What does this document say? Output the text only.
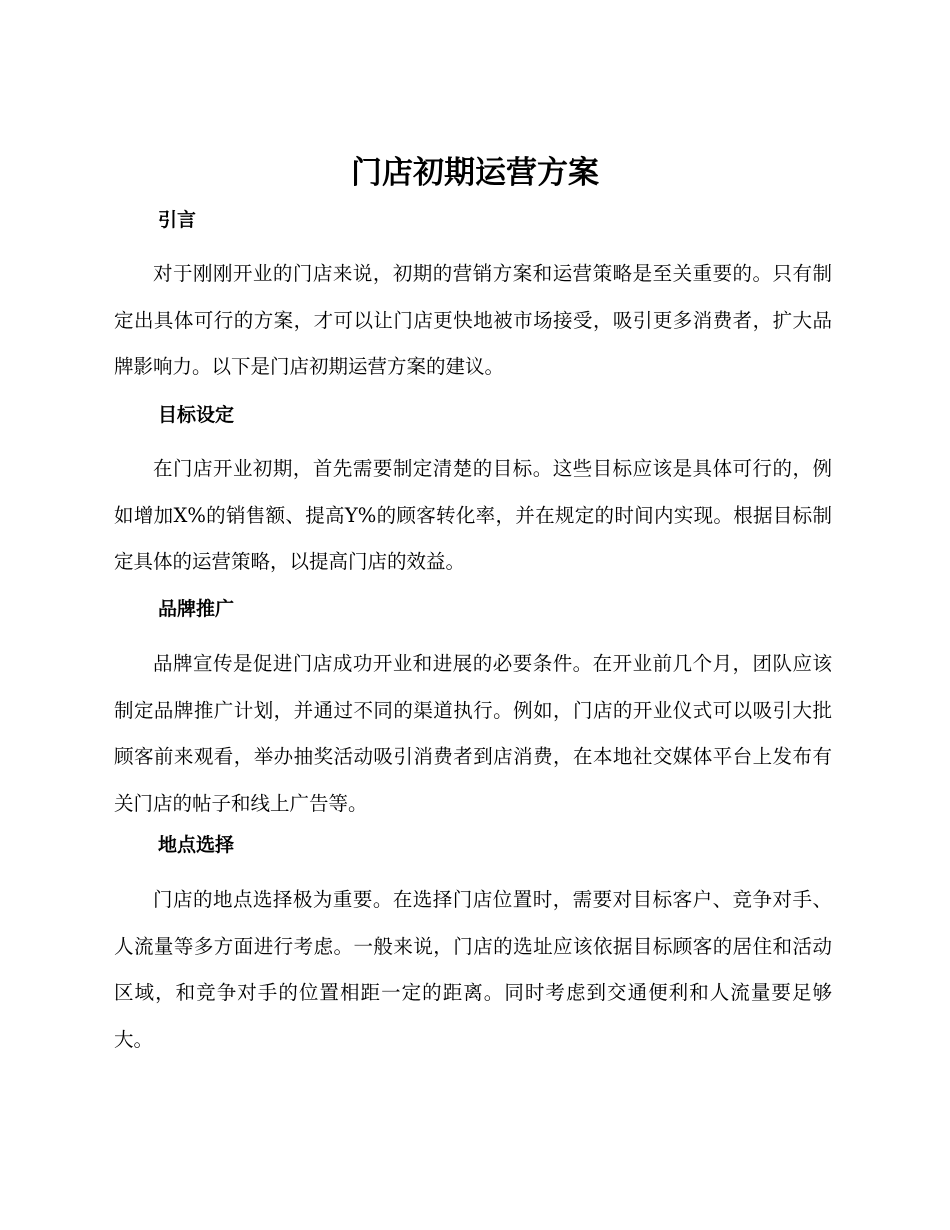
门店初期运营方案
引言

对于刚刚开业的门店来说，初期的营销方案和运营策略是至关重要的。只有制定出具体可行的方案，才可以让门店更快地被市场接受，吸引更多消费者，扩大品牌影响力。以下是门店初期运营方案的建议。

目标设定

在门店开业初期，首先需要制定清楚的目标。这些目标应该是具体可行的，例如增加X%的销售额、提高Y%的顾客转化率，并在规定的时间内实现。根据目标制定具体的运营策略，以提高门店的效益。

品牌推广

品牌宣传是促进门店成功开业和进展的必要条件。在开业前几个月，团队应该制定品牌推广计划，并通过不同的渠道执行。例如，门店的开业仪式可以吸引大批顾客前来观看，举办抽奖活动吸引消费者到店消费，在本地社交媒体平台上发布有关门店的帖子和线上广告等。

地点选择

门店的地点选择极为重要。在选择门店位置时，需要对目标客户、竞争对手、人流量等多方面进行考虑。一般来说，门店的选址应该依据目标顾客的居住和活动区域，和竞争对手的位置相距一定的距离。同时考虑到交通便利和人流量要足够大。
